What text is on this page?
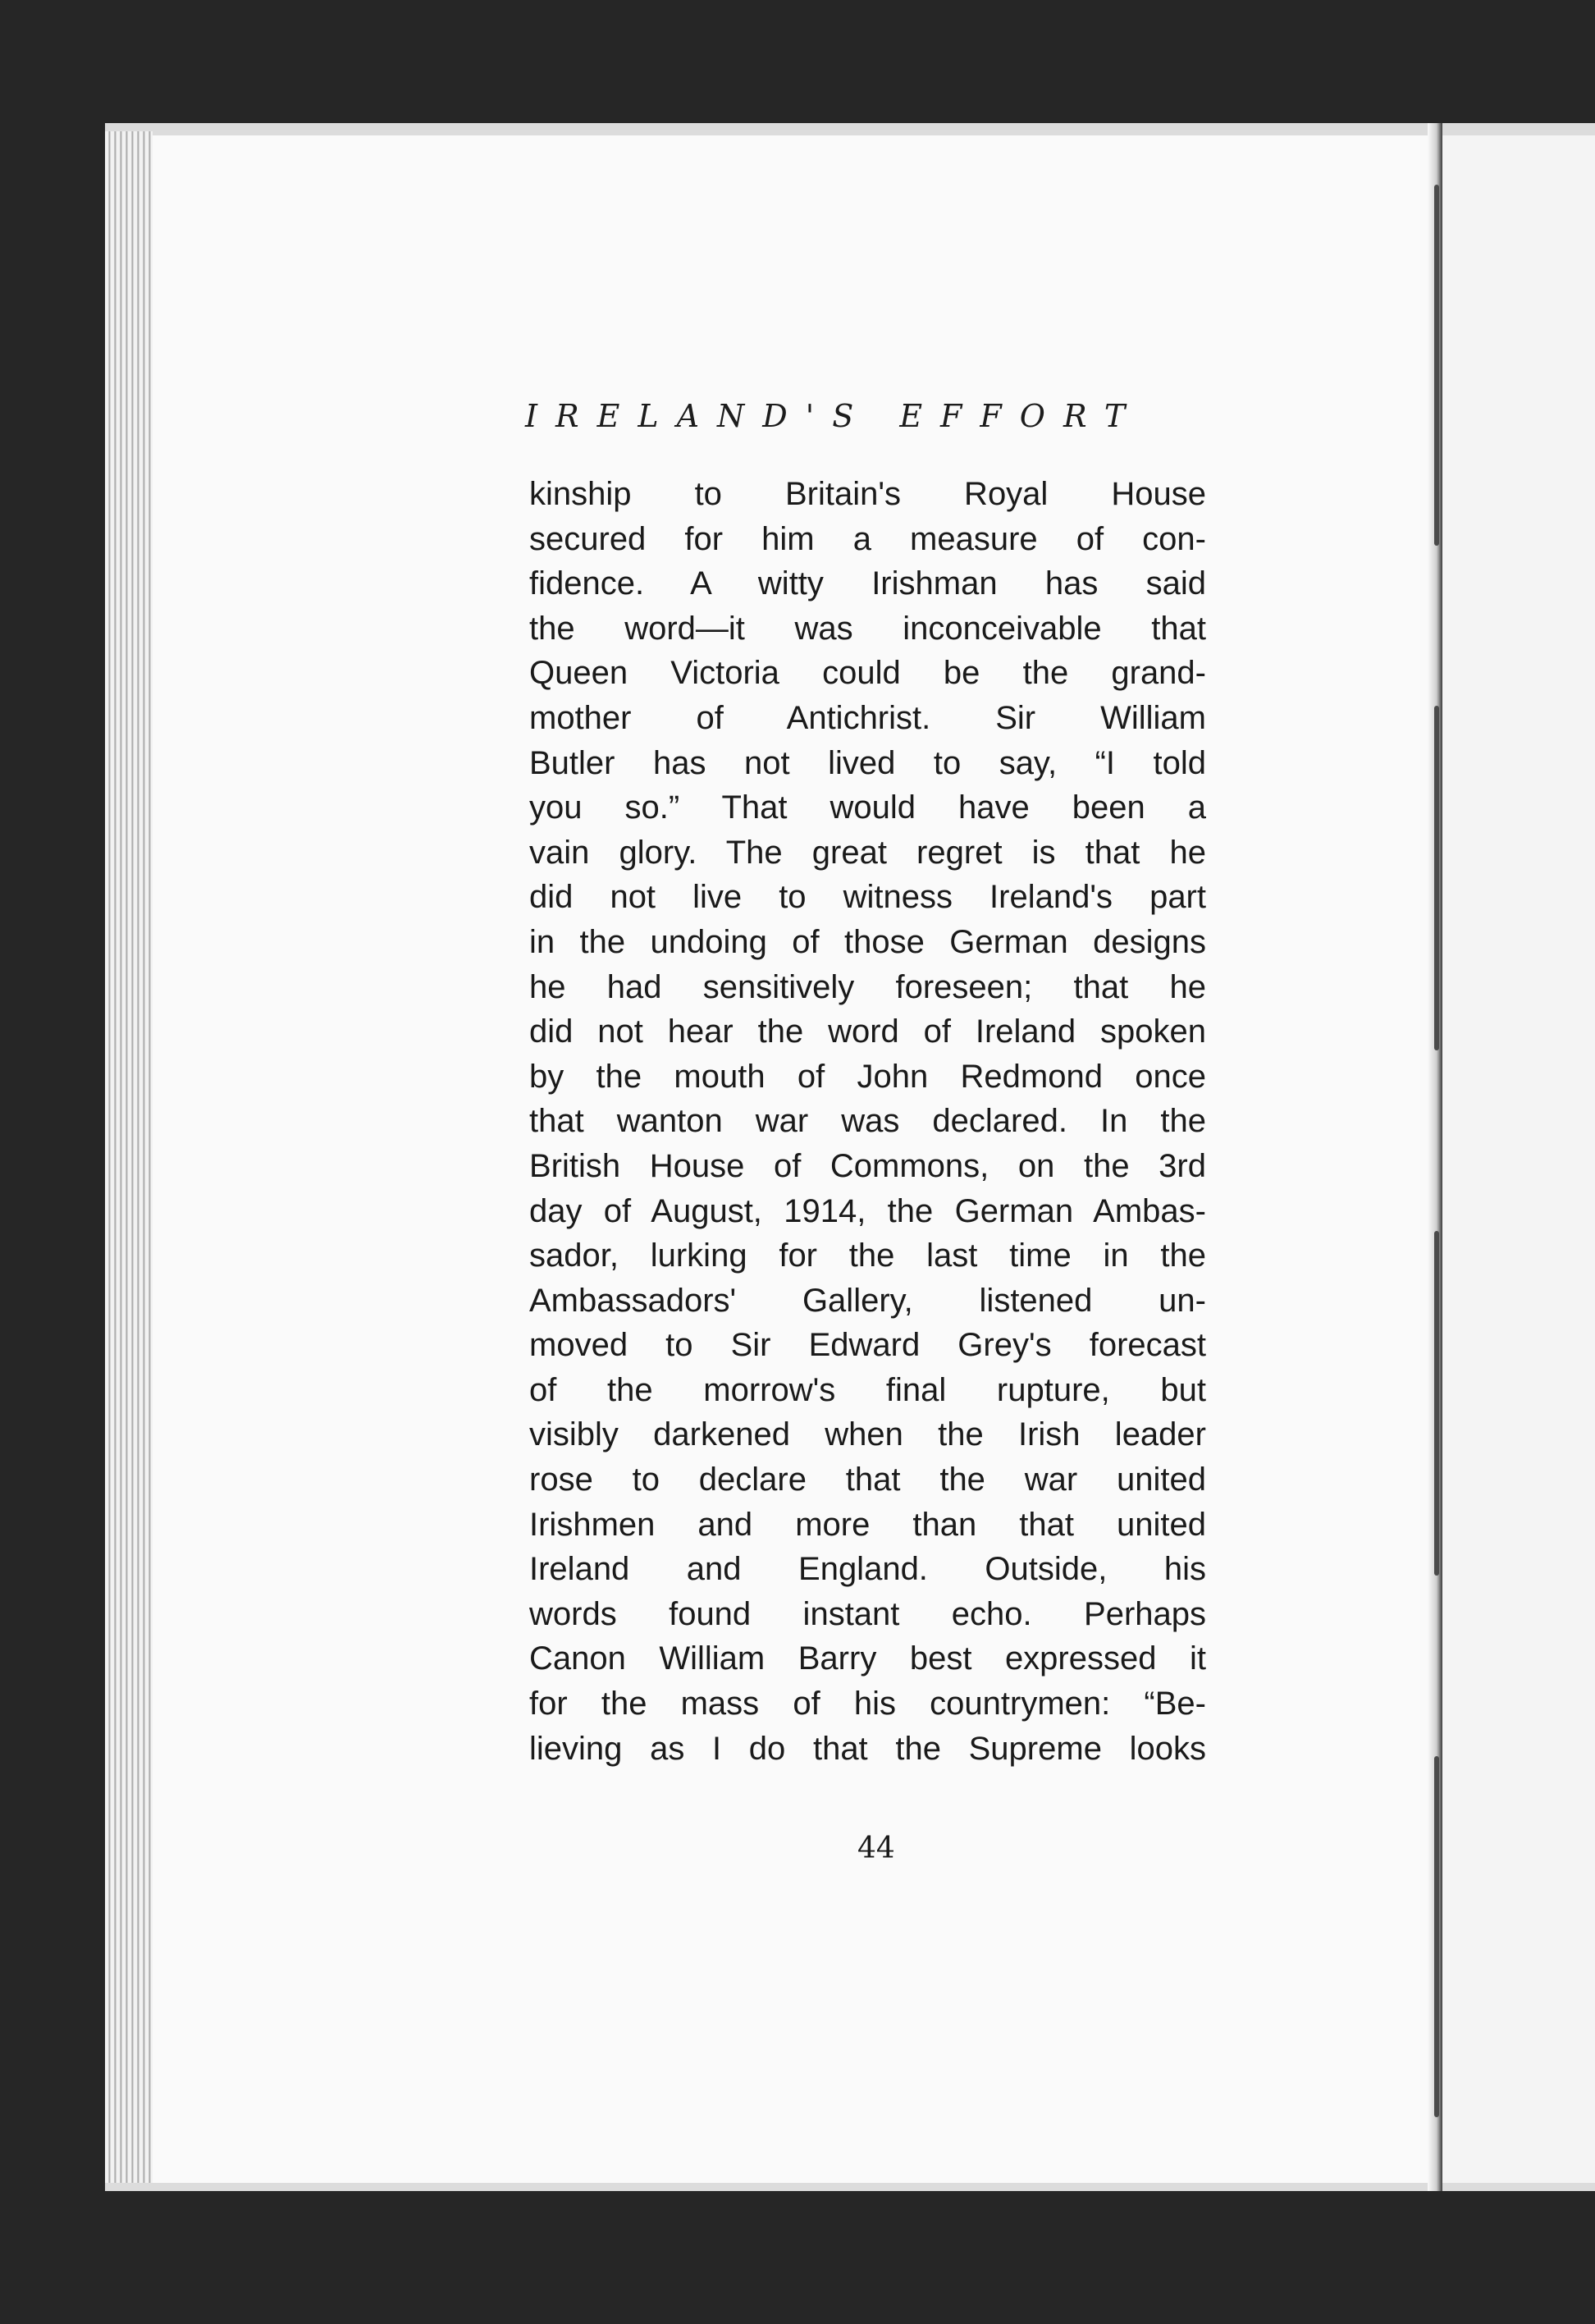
IRELAND'S EFFORT
kinship to Britain's Royal House
secured for him a measure of con-
fidence. A witty Irishman has said
the word—it was inconceivable that
Queen Victoria could be the grand-
mother of Antichrist. Sir William
Butler has not lived to say, “I told
you so.” That would have been a
vain glory. The great regret is that he
did not live to witness Ireland's part
in the undoing of those German designs
he had sensitively foreseen; that he
did not hear the word of Ireland spoken
by the mouth of John Redmond once
that wanton war was declared. In the
British House of Commons, on the 3rd
day of August, 1914, the German Ambas-
sador, lurking for the last time in the
Ambassadors' Gallery, listened un-
moved to Sir Edward Grey's forecast
of the morrow's final rupture, but
visibly darkened when the Irish leader
rose to declare that the war united
Irishmen and more than that united
Ireland and England. Outside, his
words found instant echo. Perhaps
Canon William Barry best expressed it
for the mass of his countrymen: “Be-
lieving as I do that the Supreme looks
44
